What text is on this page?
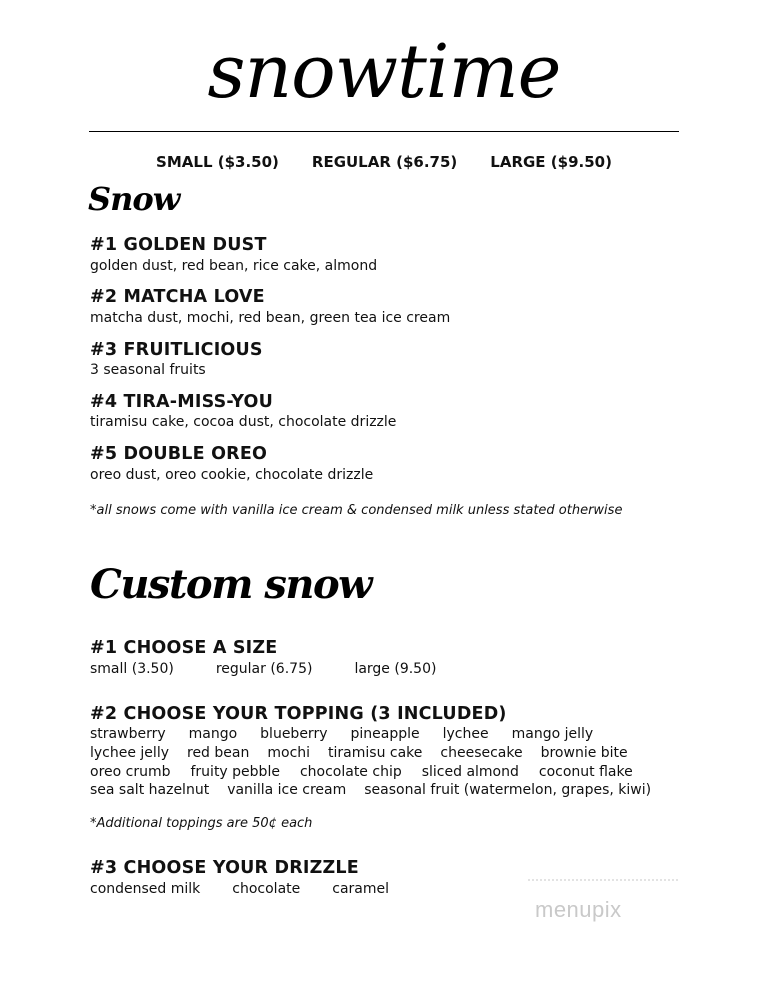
snowtime
SMALL ($3.50) REGULAR ($6.75) LARGE ($9.50)
Snow
#1 GOLDEN DUST
golden dust, red bean, rice cake, almond
#2 MATCHA LOVE
matcha dust, mochi, red bean, green tea ice cream
#3 FRUITLICIOUS
3 seasonal fruits
#4 TIRA-MISS-YOU
tiramisu cake, cocoa dust, chocolate drizzle
#5 DOUBLE OREO
oreo dust, oreo cookie, chocolate drizzle
*all snows come with vanilla ice cream & condensed milk unless stated otherwise
Custom snow
#1 CHOOSE A SIZE
small (3.50)	regular (6.75)	large (9.50)
#2 CHOOSE YOUR TOPPING (3 INCLUDED)
strawberry mango blueberry pineapple lychee mango jelly
lychee jelly red bean mochi tiramisu cake cheesecake brownie bite
oreo crumb fruity pebble chocolate chip sliced almond coconut flake
sea salt hazelnut vanilla ice cream seasonal fruit (watermelon, grapes, kiwi)
*Additional toppings are 50¢ each
#3 CHOOSE YOUR DRIZZLE
condensed milk chocolate caramel
menupix
